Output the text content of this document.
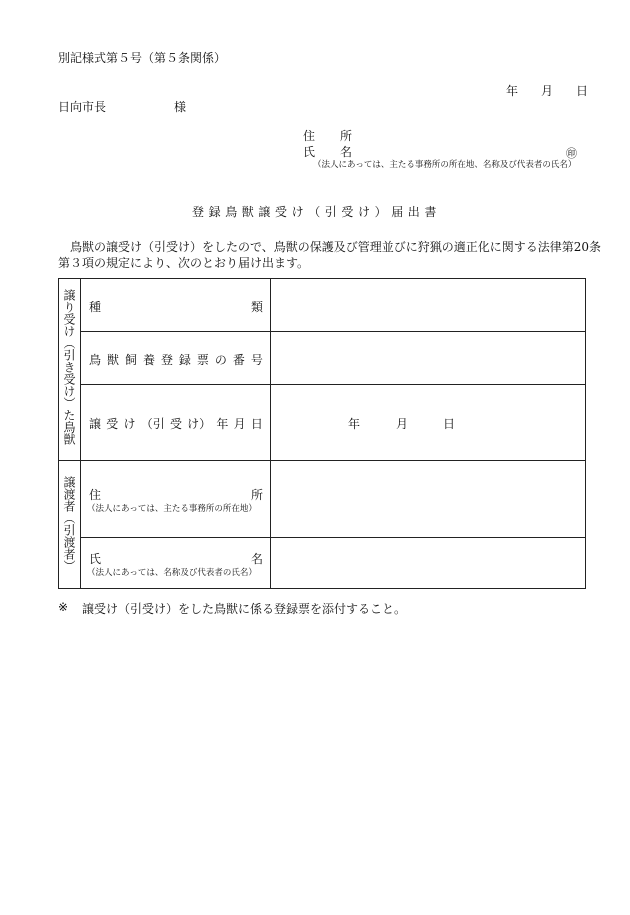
別記様式第５号（第５条関係）
年 月 日
日向市長	様
住 所
氏 名	㊞
（法人にあっては、主たる事務所の所在地、名称及び代表者の氏名）
登録鳥獣譲受け（引受け）届出書
鳥獣の譲受け（引受け）をしたので、鳥獣の保護及び管理並びに狩猟の適正化に関する法律第20条
第３項の規定により、次のとおり届け出ます。
譲り受け（引き受け）た鳥獣
譲渡者（引渡者）
種	類
鳥 獣 飼 養 登 録 票 の 番 号
譲 受 け （引 受 け） 年 月 日	年	月	日
住	所
（法人にあっては、主たる事務所の所在地）
氏	名
（法人にあっては、名称及び代表者の氏名）
※ 譲受け（引受け）をした鳥獣に係る登録票を添付すること。
